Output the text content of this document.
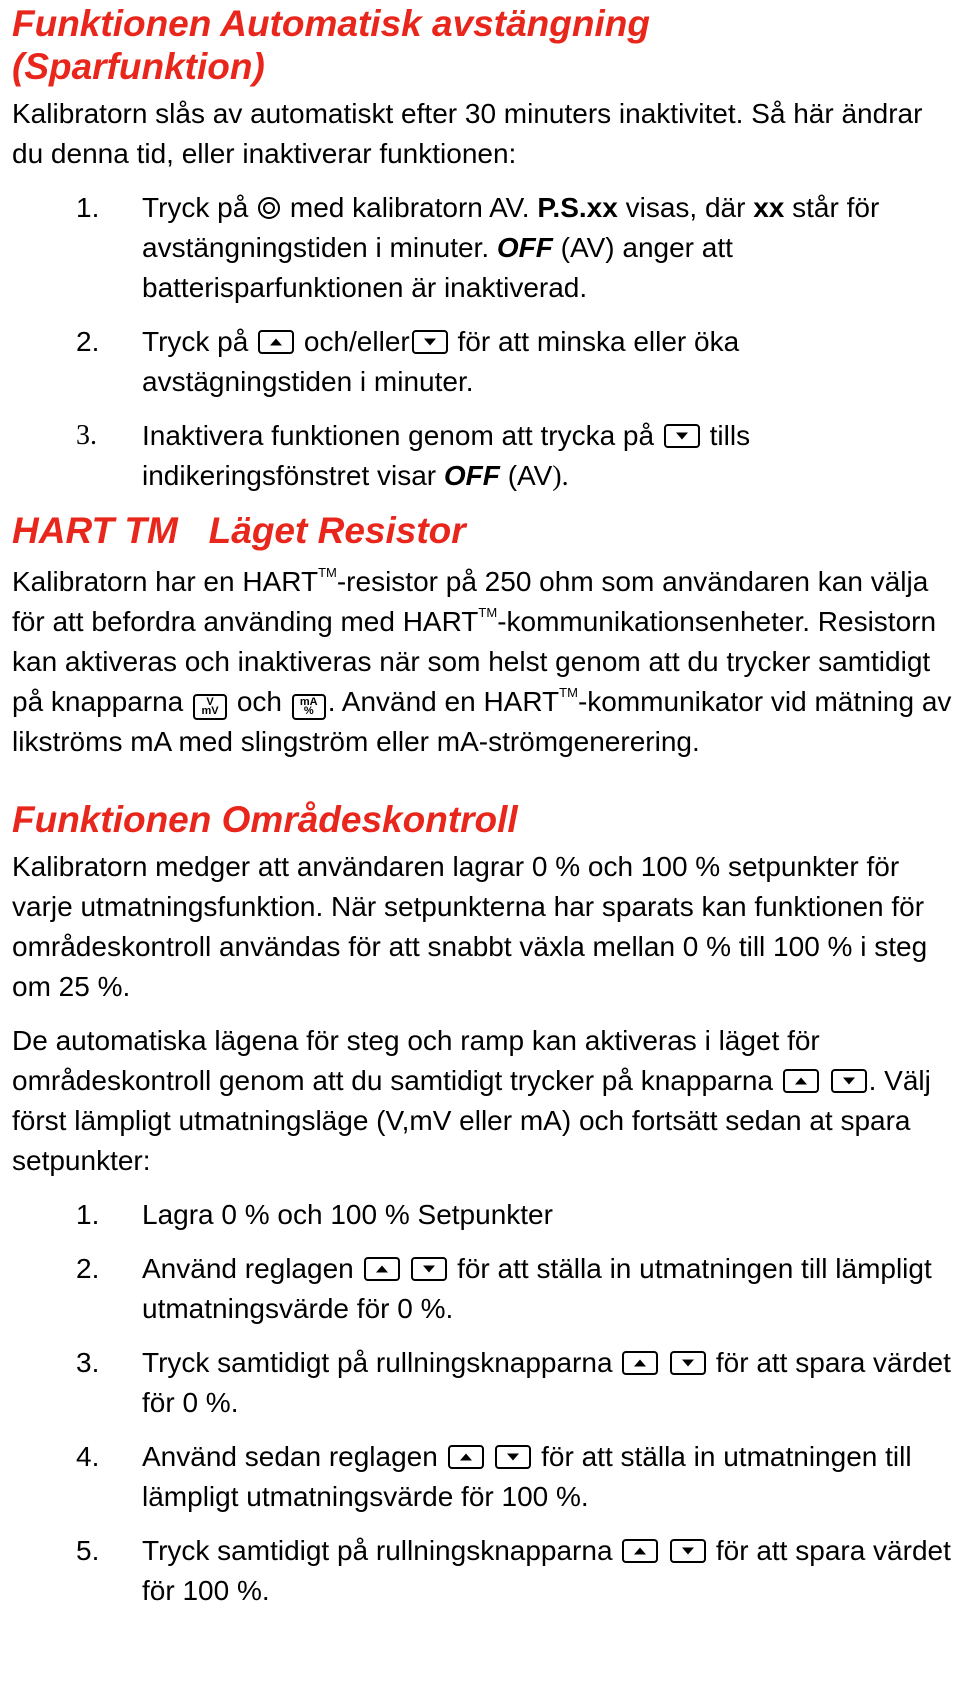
Funktionen Automatisk avstängning (Sparfunktion)

Kalibratorn slås av automatiskt efter 30 minuters inaktivitet. Så här ändrar du denna tid, eller inaktiverar funktionen:

1. Tryck på med kalibratorn AV. P.S.xx visas, där xx står för avstängningstiden i minuter. OFF (AV) anger att batterisparfunktionen är inaktiverad.
2. Tryck på och/eller för att minska eller öka avstägningstiden i minuter.
3. Inaktivera funktionen genom att trycka på tills indikeringsfönstret visar OFF (AV).
HART TM   Läget Resistor

Kalibratorn har en HART™-resistor på 250 ohm som användaren kan välja för att befordra använding med HART™-kommunikationsenheter. Resistorn kan aktiveras och inaktiveras när som helst genom att du trycker samtidigt på knapparna	V
mV och	mA
% . Använd en HART™-kommunikator vid mätning av likströms mA med slingström eller mA-strömgenerering.

Funktionen Områdeskontroll

Kalibratorn medger att användaren lagrar 0 % och 100 % setpunkter för varje utmatningsfunktion. När setpunkterna har sparats kan funktionen för områdeskontroll användas för att snabbt växla mellan 0 % till 100 % i steg om 25 %.

De automatiska lägena för steg och ramp kan aktiveras i läget för områdeskontroll genom att du samtidigt trycker på knapparna	. Välj först lämpligt utmatningsläge (V,mV eller mA) och fortsätt sedan at spara setpunkter:

1. Lagra 0 % och 100 % Setpunkter
2. Använd reglagen	för att ställa in utmatningen till lämpligt utmatningsvärde för 0 %.
3. Tryck samtidigt på rullningsknapparna	för att spara värdet för 0 %.
4. Använd sedan reglagen	för att ställa in utmatningen till lämpligt utmatningsvärde för 100 %.
5. Tryck samtidigt på rullningsknapparna	för att spara värdet för 100 %.
